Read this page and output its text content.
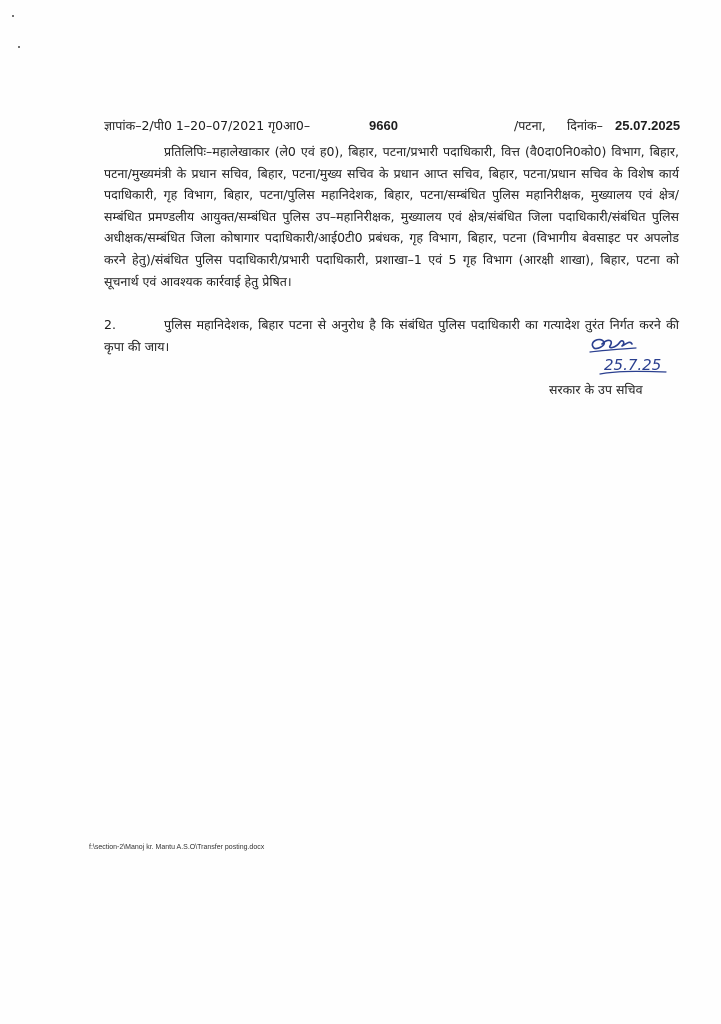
ज्ञापांक–2/पी0 1–20–07/2021 गृ0आ0–	9660	/पटना, दिनांक– 25.07.2025

प्रतिलिपिः–महालेखाकार (ले0 एवं ह0), बिहार, पटना/प्रभारी पदाधिकारी, वित्त (वै0दा0नि0को0) विभाग, बिहार, पटना/मुख्यमंत्री के प्रधान सचिव, बिहार, पटना/मुख्य सचिव के प्रधान आप्त सचिव, बिहार, पटना/प्रधान सचिव के विशेष कार्य पदाधिकारी, गृह विभाग, बिहार, पटना/पुलिस महानिदेशक, बिहार, पटना/सम्बंधित पुलिस महानिरीक्षक, मुख्यालय एवं क्षेत्र/सम्बंधित प्रमण्डलीय आयुक्त/सम्बंधित पुलिस उप–महानिरीक्षक, मुख्यालय एवं क्षेत्र/संबंधित जिला पदाधिकारी/संबंधित पुलिस अधीक्षक/सम्बंधित जिला कोषागार पदाधिकारी/आई0टी0 प्रबंधक, गृह विभाग, बिहार, पटना (विभागीय बेवसाइट पर अपलोड करने हेतु)/संबंधित पुलिस पदाधिकारी/प्रभारी पदाधिकारी, प्रशाखा–1 एवं 5 गृह विभाग (आरक्षी शाखा), बिहार, पटना को सूचनार्थ एवं आवश्यक कार्रवाई हेतु प्रेषित।

2.	पुलिस महानिदेशक, बिहार पटना से अनुरोध है कि संबंधित पुलिस पदाधिकारी का गत्यादेश तुरंत निर्गत करने की कृपा की जाय।

25.7.25
सरकार के उप सचिव
f:\section-2\Manoj kr. Mantu A.S.O\Transfer posting.docx
